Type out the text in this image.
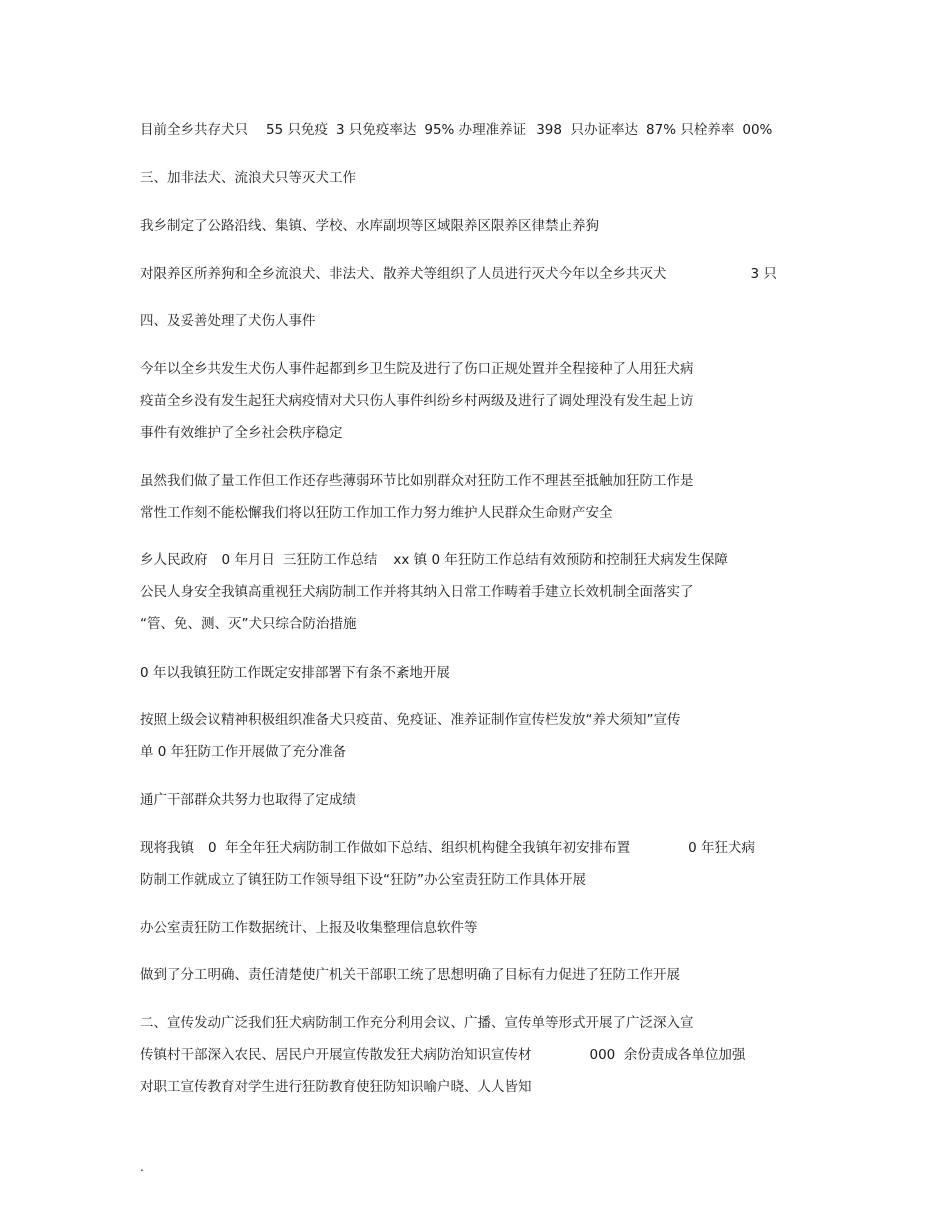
目前全乡共存犬只 55 只免疫 3 只免疫率达 95% 办理准养证 398  只办证率达 87% 只栓养率 00%

三、加非法犬、流浪犬只等灭犬工作

我乡制定了公路沿线、集镇、学校、水库副坝等区域限养区限养区律禁止养狗

对限养区所养狗和全乡流浪犬、非法犬、散养犬等组织了人员进行灭犬今年以全乡共灭犬	3 只

四、及妥善处理了犬伤人事件

今年以全乡共发生犬伤人事件起都到乡卫生院及进行了伤口正规处置并全程接种了人用狂犬病

疫苗全乡没有发生起狂犬病疫情对犬只伤人事件纠纷乡村两级及进行了调处理没有发生起上访

事件有效维护了全乡社会秩序稳定

虽然我们做了量工作但工作还存些薄弱环节比如别群众对狂防工作不理甚至抵触加狂防工作是

常性工作刻不能松懈我们将以狂防工作加工作力努力维护人民群众生命财产安全

乡人民政府 0 年月日 三狂防工作总结 xx 镇 0 年狂防工作总结有效预防和控制狂犬病发生保障

公民人身安全我镇高重视狂犬病防制工作并将其纳入日常工作畴着手建立长效机制全面落实了

“管、免、测、灭”犬只综合防治措施

0 年以我镇狂防工作既定安排部署下有条不紊地开展

按照上级会议精神积极组织准备犬只疫苗、免疫证、准养证制作宣传栏发放“养犬须知”宣传

单 0 年狂防工作开展做了充分准备

通广干部群众共努力也取得了定成绩

现将我镇 0  年全年狂犬病防制工作做如下总结、组织机构健全我镇年初安排布置	0 年狂犬病

防制工作就成立了镇狂防工作领导组下设“狂防”办公室责狂防工作具体开展

办公室责狂防工作数据统计、上报及收集整理信息软件等

做到了分工明确、责任清楚使广机关干部职工统了思想明确了目标有力促进了狂防工作开展

二、宣传发动广泛我们狂犬病防制工作充分利用会议、广播、宣传单等形式开展了广泛深入宣

传镇村干部深入农民、居民户开展宣传散发狂犬病防治知识宣传材	000  余份责成各单位加强

对职工宣传教育对学生进行狂防教育使狂防知识喻户晓、人人皆知

.
